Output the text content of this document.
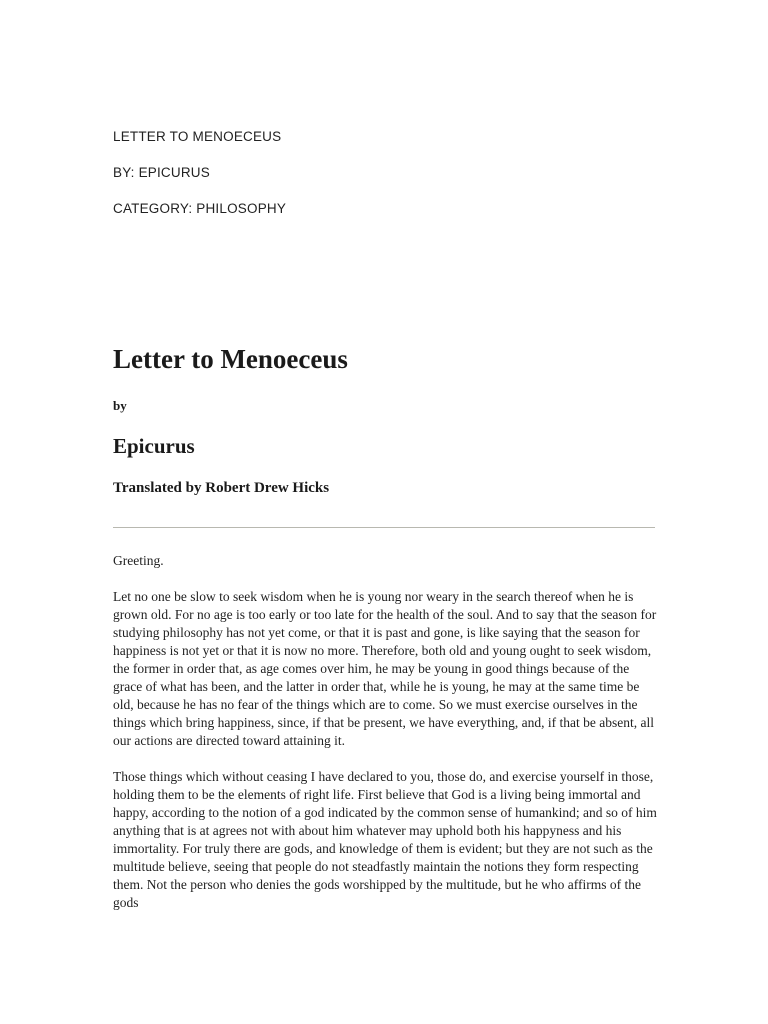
LETTER TO MENOECEUS
BY: EPICURUS
CATEGORY: PHILOSOPHY
Letter to Menoeceus
by
Epicurus
Translated by Robert Drew Hicks

Greeting.

Let no one be slow to seek wisdom when he is young nor weary in the search thereof when he is grown old. For no age is too early or too late for the health of the soul. And to say that the season for studying philosophy has not yet come, or that it is past and gone, is like saying that the season for happiness is not yet or that it is now no more. Therefore, both old and young ought to seek wisdom, the former in order that, as age comes over him, he may be young in good things because of the grace of what has been, and the latter in order that, while he is young, he may at the same time be old, because he has no fear of the things which are to come. So we must exercise ourselves in the things which bring happiness, since, if that be present, we have everything, and, if that be absent, all our actions are directed toward attaining it.

Those things which without ceasing I have declared to you, those do, and exercise yourself in those, holding them to be the elements of right life. First believe that God is a living being immortal and happy, according to the notion of a god indicated by the common sense of humankind; and so of him anything that is at agrees not with about him whatever may uphold both his happyness and his immortality. For truly there are gods, and knowledge of them is evident; but they are not such as the multitude believe, seeing that people do not steadfastly maintain the notions they form respecting them. Not the person who denies the gods worshipped by the multitude, but he who affirms of the gods
